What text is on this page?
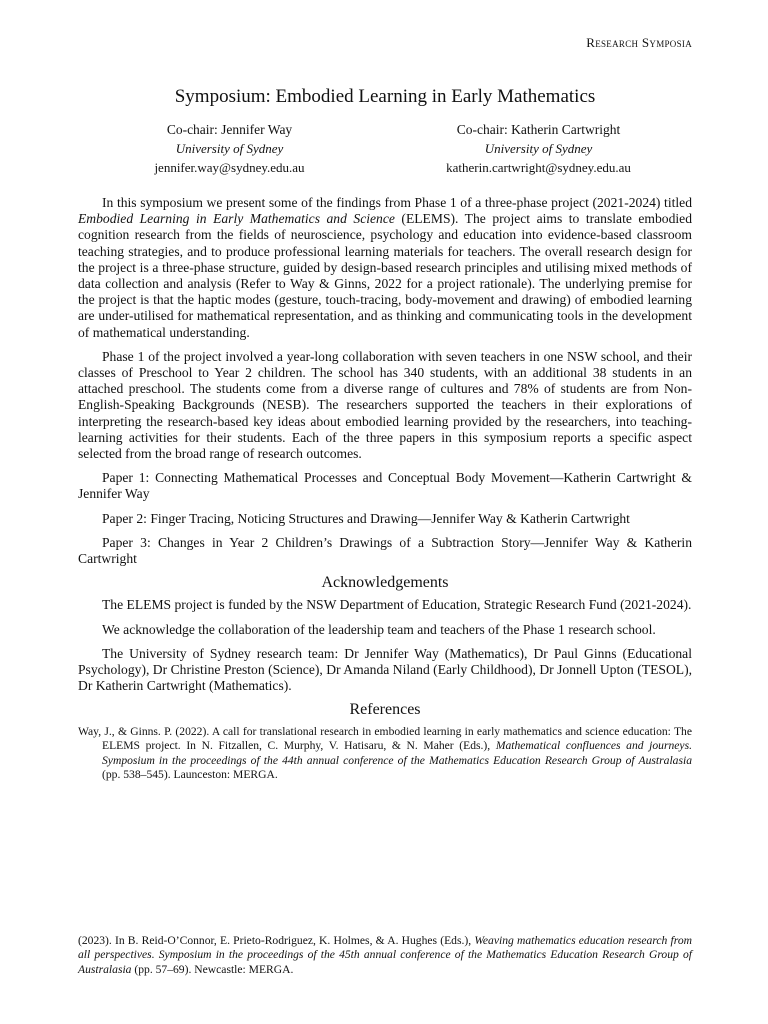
Research Symposia
Symposium: Embodied Learning in Early Mathematics
Co-chair: Jennifer Way
University of Sydney
jennifer.way@sydney.edu.au
Co-chair: Katherin Cartwright
University of Sydney
katherin.cartwright@sydney.edu.au

In this symposium we present some of the findings from Phase 1 of a three-phase project (2021-2024) titled Embodied Learning in Early Mathematics and Science (ELEMS). The project aims to translate embodied cognition research from the fields of neuroscience, psychology and education into evidence-based classroom teaching strategies, and to produce professional learning materials for teachers. The overall research design for the project is a three-phase structure, guided by design-based research principles and utilising mixed methods of data collection and analysis (Refer to Way & Ginns, 2022 for a project rationale). The underlying premise for the project is that the haptic modes (gesture, touch-tracing, body-movement and drawing) of embodied learning are under-utilised for mathematical representation, and as thinking and communicating tools in the development of mathematical understanding.

Phase 1 of the project involved a year-long collaboration with seven teachers in one NSW school, and their classes of Preschool to Year 2 children. The school has 340 students, with an additional 38 students in an attached preschool. The students come from a diverse range of cultures and 78% of students are from Non-English-Speaking Backgrounds (NESB). The researchers supported the teachers in their explorations of interpreting the research-based key ideas about embodied learning provided by the researchers, into teaching-learning activities for their students. Each of the three papers in this symposium reports a specific aspect selected from the broad range of research outcomes.

Paper 1: Connecting Mathematical Processes and Conceptual Body Movement—Katherin Cartwright & Jennifer Way

Paper 2: Finger Tracing, Noticing Structures and Drawing—Jennifer Way & Katherin Cartwright

Paper 3: Changes in Year 2 Children’s Drawings of a Subtraction Story—Jennifer Way & Katherin Cartwright

Acknowledgements

The ELEMS project is funded by the NSW Department of Education, Strategic Research Fund (2021-2024).

We acknowledge the collaboration of the leadership team and teachers of the Phase 1 research school.

The University of Sydney research team: Dr Jennifer Way (Mathematics), Dr Paul Ginns (Educational Psychology), Dr Christine Preston (Science), Dr Amanda Niland (Early Childhood), Dr Jonnell Upton (TESOL), Dr Katherin Cartwright (Mathematics).

References

Way, J., & Ginns. P. (2022). A call for translational research in embodied learning in early mathematics and science education: The ELEMS project. In N. Fitzallen, C. Murphy, V. Hatisaru, & N. Maher (Eds.), Mathematical confluences and journeys. Symposium in the proceedings of the 44th annual conference of the Mathematics Education Research Group of Australasia (pp. 538–545). Launceston: MERGA.

(2023). In B. Reid-O’Connor, E. Prieto-Rodriguez, K. Holmes, & A. Hughes (Eds.), Weaving mathematics education research from all perspectives. Symposium in the proceedings of the 45th annual conference of the Mathematics Education Research Group of Australasia (pp. 57–69). Newcastle: MERGA.
